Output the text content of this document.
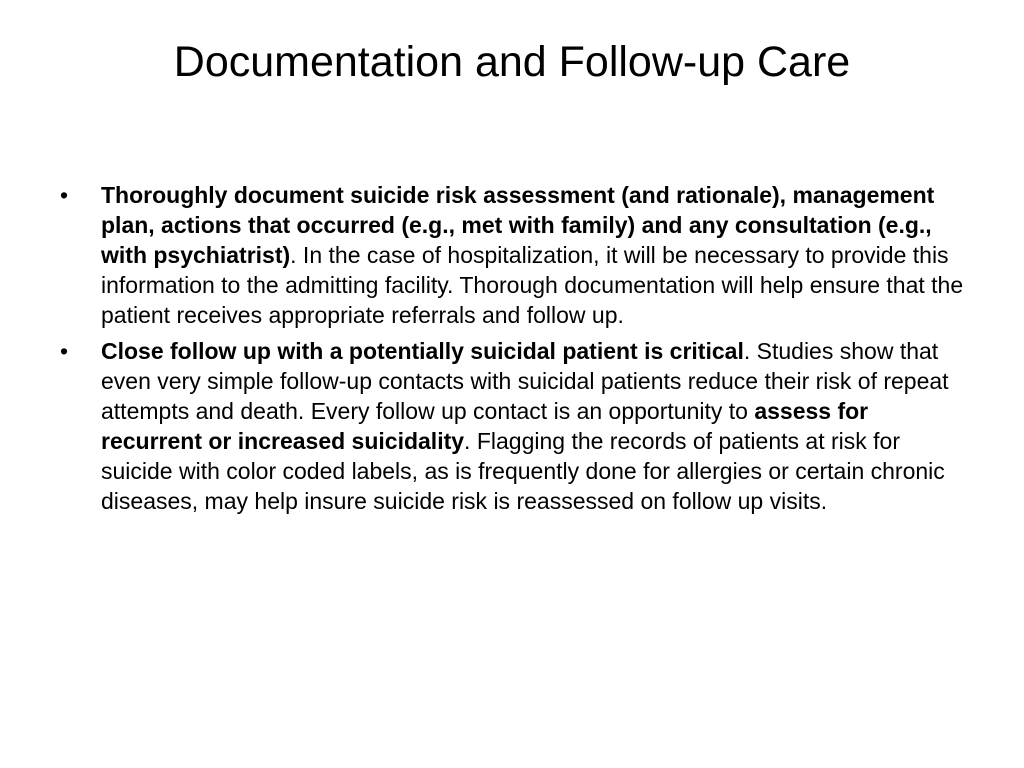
Documentation and Follow-up Care
•	Thoroughly document suicide risk assessment (and rationale), management plan, actions that occurred (e.g., met with family) and any consultation (e.g., with psychiatrist). In the case of hospitalization, it will be necessary to provide this information to the admitting facility. Thorough documentation will help ensure that the patient receives appropriate referrals and follow up.
•	Close follow up with a potentially suicidal patient is critical. Studies show that even very simple follow-up contacts with suicidal patients reduce their risk of repeat attempts and death. Every follow up contact is an opportunity to assess for recurrent or increased suicidality. Flagging the records of patients at risk for suicide with color coded labels, as is frequently done for allergies or certain chronic diseases, may help insure suicide risk is reassessed on follow up visits.
